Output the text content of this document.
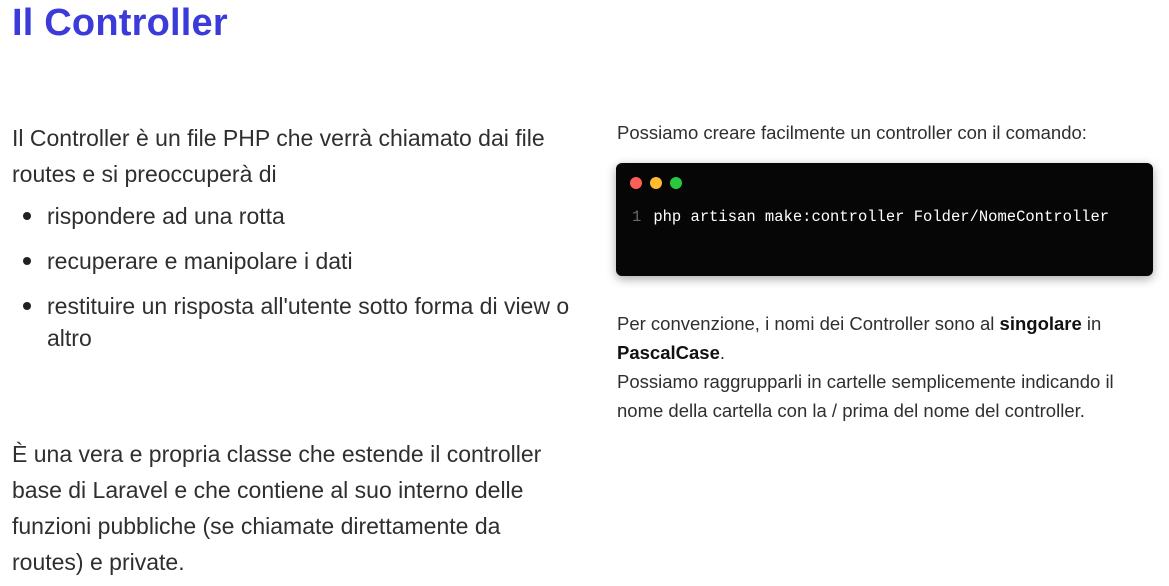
Il Controller

Il Controller è un file PHP che verrà chiamato dai file routes e si preoccuperà di

rispondere ad una rotta
recuperare e manipolare i dati
restituire un risposta all'utente sotto forma di view o altro

È una vera e propria classe che estende il controller base di Laravel e che contiene al suo interno delle funzioni pubbliche (se chiamate direttamente da routes) e private.

Possiamo creare facilmente un controller con il comando:

1 php artisan make:controller Folder/NomeController

Per convenzione, i nomi dei Controller sono al singolare in
PascalCase.
Possiamo raggrupparli in cartelle semplicemente indicando il nome della cartella con la / prima del nome del controller.
